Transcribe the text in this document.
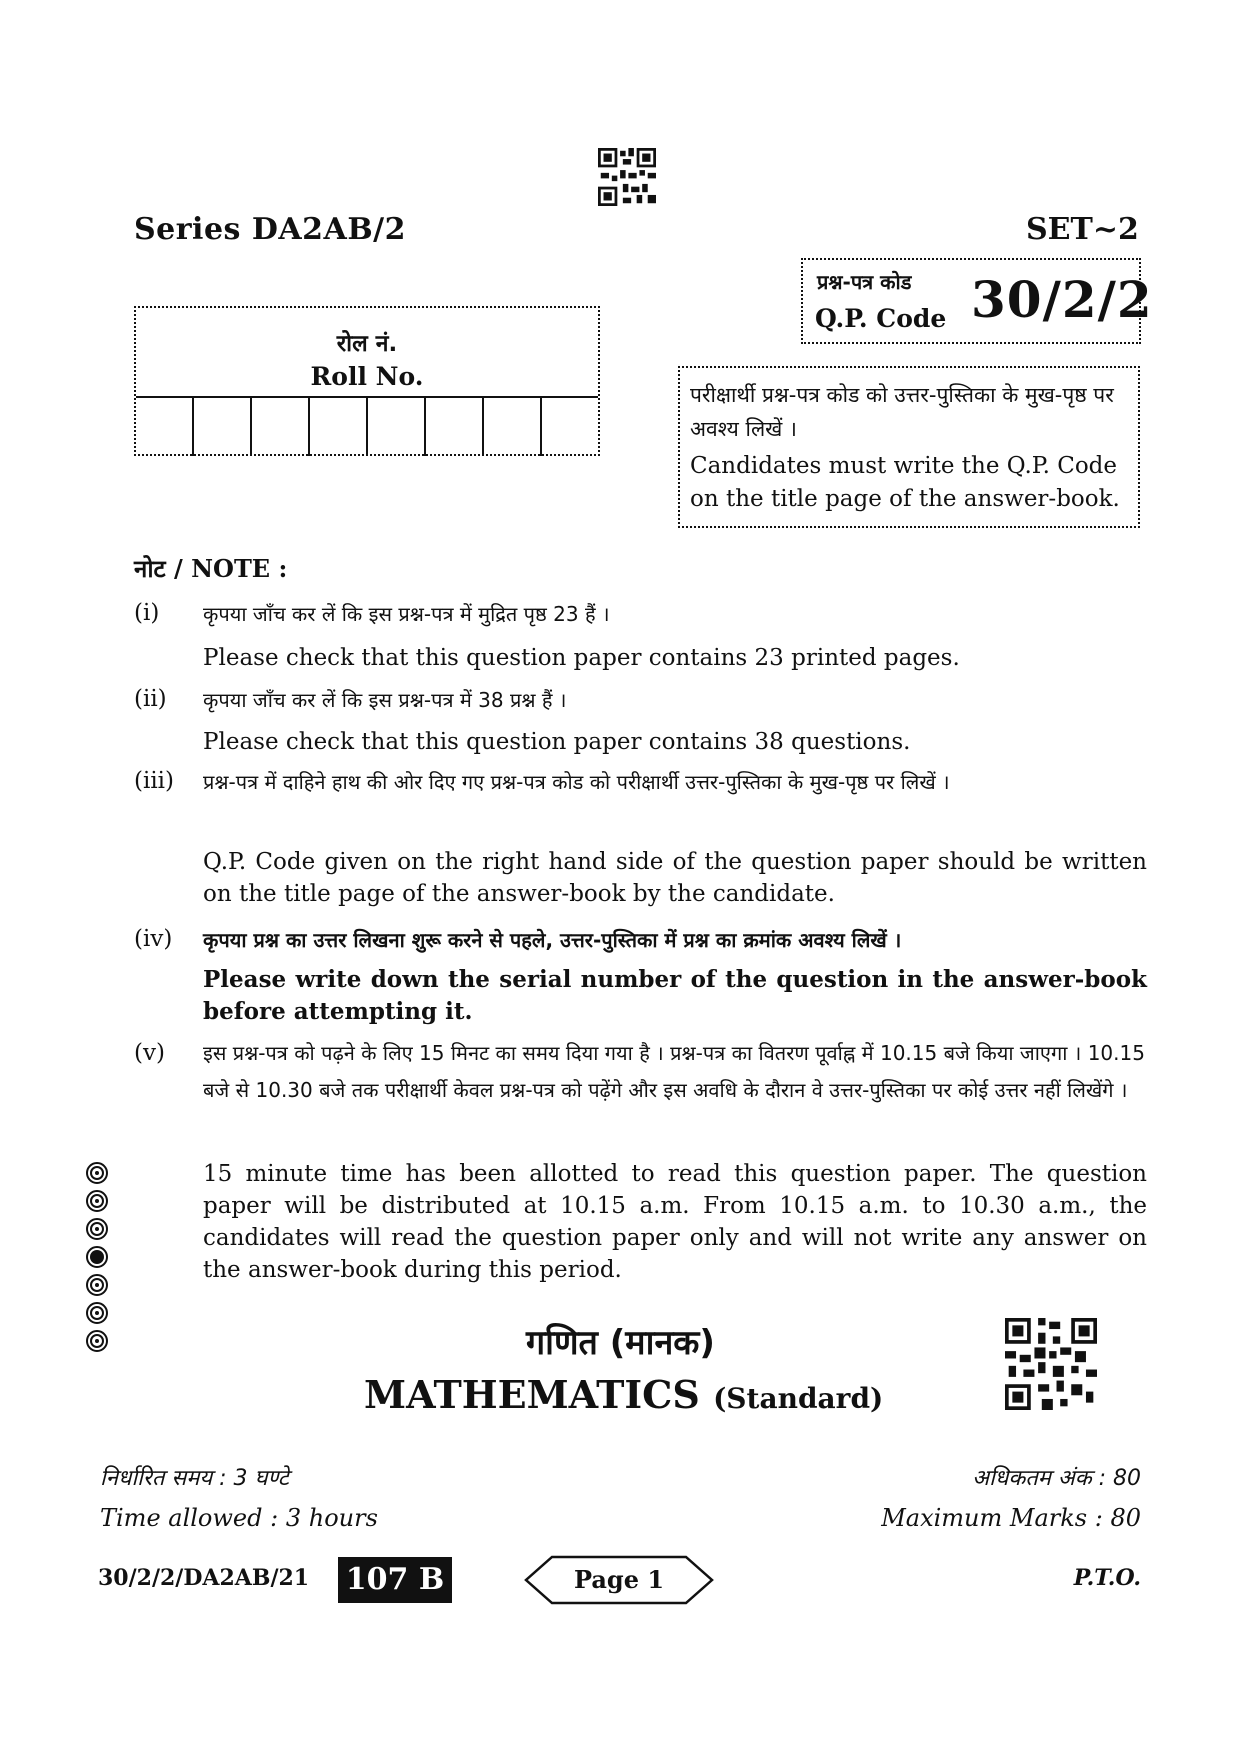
Series DA2AB/2	SET~2
प्रश्न-पत्र कोड
Q.P. Code 30/2/2
रोल नं.
Roll No.
परीक्षार्थी प्रश्न-पत्र कोड को उत्तर-पुस्तिका के मुख-पृष्ठ पर अवश्य लिखें ।
Candidates must write the Q.P. Code on the title page of the answer-book.
नोट / NOTE :
(i) कृपया जाँच कर लें कि इस प्रश्न-पत्र में मुद्रित पृष्ठ 23 हैं ।
Please check that this question paper contains 23 printed pages.
(ii) कृपया जाँच कर लें कि इस प्रश्न-पत्र में 38 प्रश्न हैं ।
Please check that this question paper contains 38 questions.
(iii) प्रश्न-पत्र में दाहिने हाथ की ओर दिए गए प्रश्न-पत्र कोड को परीक्षार्थी उत्तर-पुस्तिका के मुख-पृष्ठ पर लिखें ।
Q.P. Code given on the right hand side of the question paper should be written on the title page of the answer-book by the candidate.
(iv) कृपया प्रश्न का उत्तर लिखना शुरू करने से पहले, उत्तर-पुस्तिका में प्रश्न का क्रमांक अवश्य लिखें ।
Please write down the serial number of the question in the answer-book before attempting it.
(v) इस प्रश्न-पत्र को पढ़ने के लिए 15 मिनट का समय दिया गया है । प्रश्न-पत्र का वितरण पूर्वाह्न में 10.15 बजे किया जाएगा । 10.15 बजे से 10.30 बजे तक परीक्षार्थी केवल प्रश्न-पत्र को पढ़ेंगे और इस अवधि के दौरान वे उत्तर-पुस्तिका पर कोई उत्तर नहीं लिखेंगे ।
15 minute time has been allotted to read this question paper. The question paper will be distributed at 10.15 a.m. From 10.15 a.m. to 10.30 a.m., the candidates will read the question paper only and will not write any answer on the answer-book during this period.

गणित (मानक)
MATHEMATICS (Standard)
निर्धारित समय : 3 घण्टे
Time allowed : 3 hours
अधिकतम अंक : 80
Maximum Marks : 80
30/2/2/DA2AB/21 107 B	Page 1	P.T.O.
